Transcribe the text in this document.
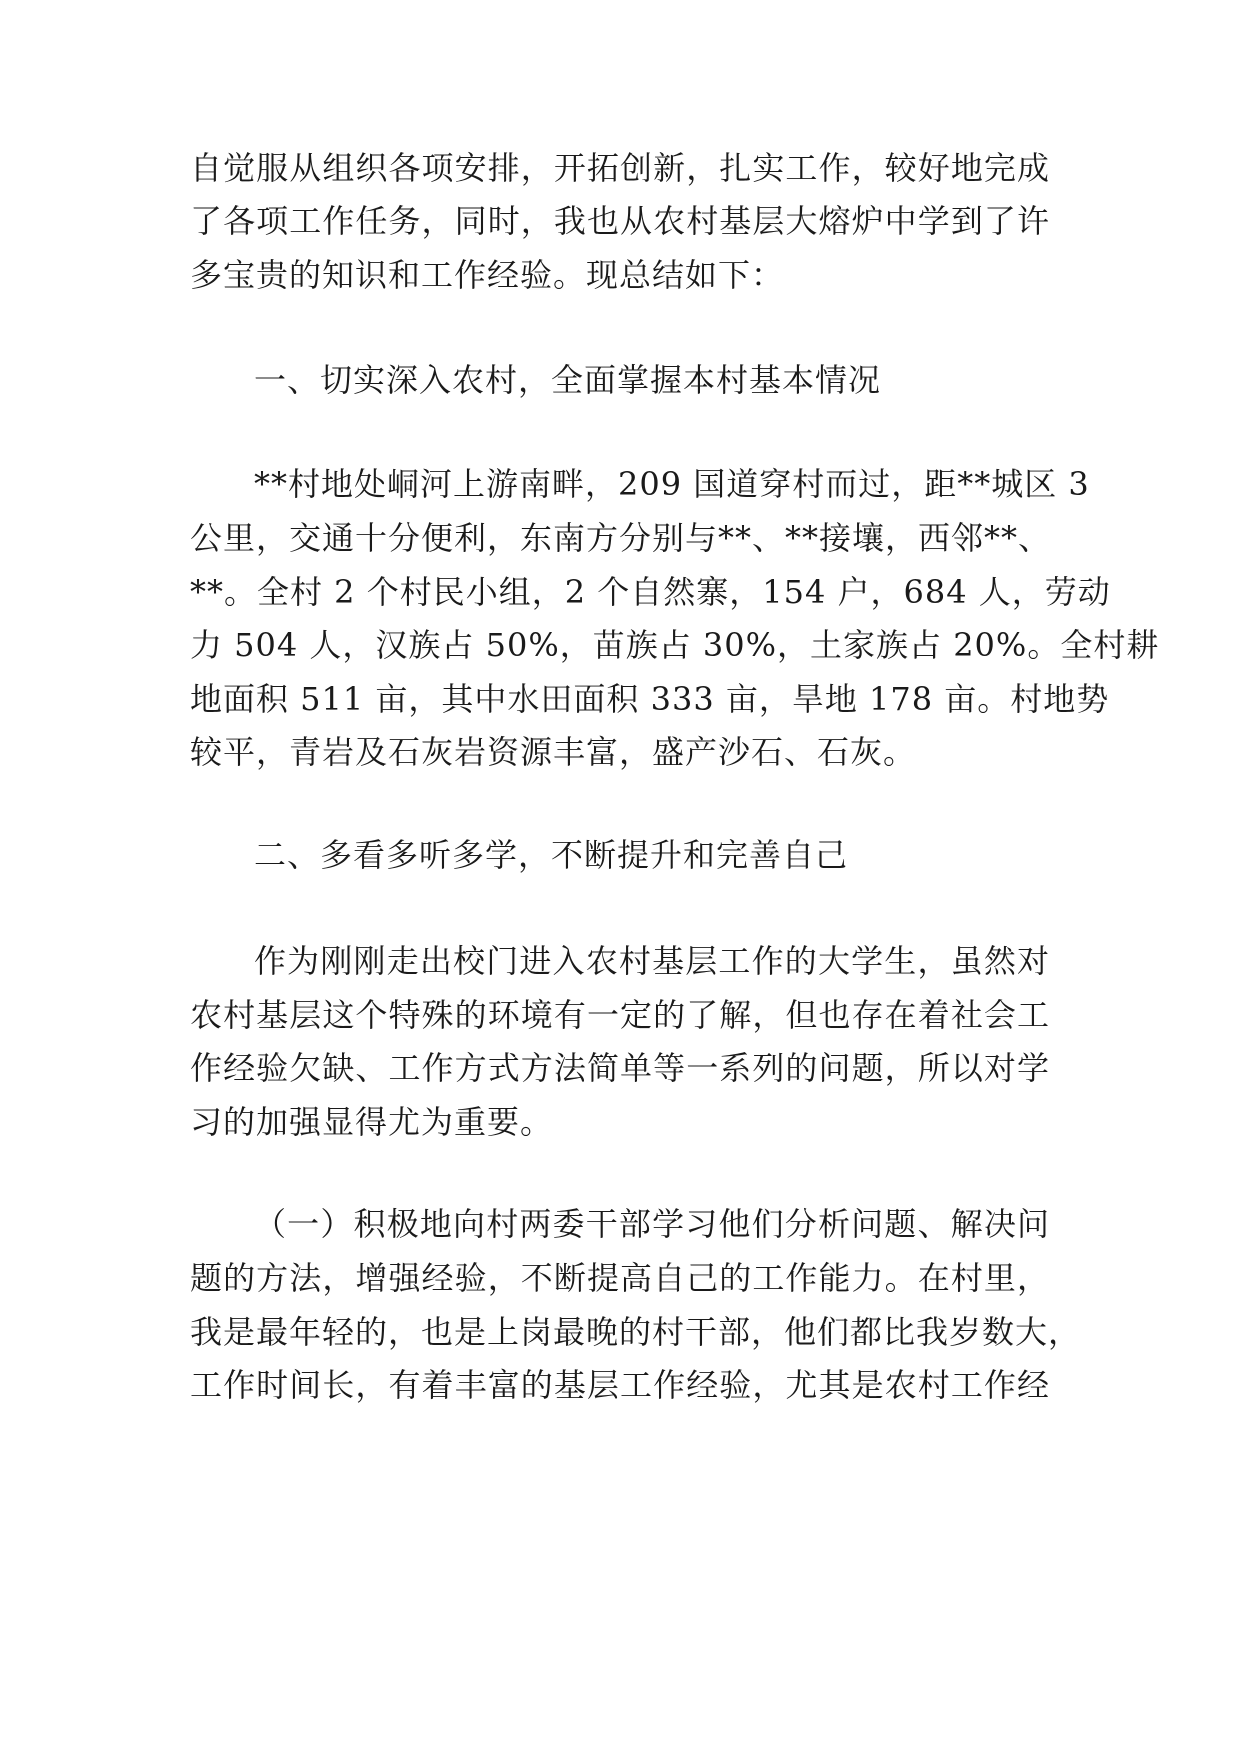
自觉服从组织各项安排，开拓创新，扎实工作，较好地完成
了各项工作任务，同时，我也从农村基层大熔炉中学到了许
多宝贵的知识和工作经验。现总结如下：
一、切实深入农村，全面掌握本村基本情况
**村地处峒河上游南畔，209 国道穿村而过，距**城区 3
公里，交通十分便利，东南方分别与**、**接壤，西邻**、
**。全村 2 个村民小组，2 个自然寨，154 户，684 人，劳动
力 504 人，汉族占 50%，苗族占 30%，土家族占 20%。全村耕
地面积 511 亩，其中水田面积 333 亩，旱地 178 亩。村地势
较平，青岩及石灰岩资源丰富，盛产沙石、石灰。
二、多看多听多学，不断提升和完善自己
作为刚刚走出校门进入农村基层工作的大学生，虽然对
农村基层这个特殊的环境有一定的了解，但也存在着社会工
作经验欠缺、工作方式方法简单等一系列的问题，所以对学
习的加强显得尤为重要。
（一）积极地向村两委干部学习他们分析问题、解决问
题的方法，增强经验，不断提高自己的工作能力。在村里，
我是最年轻的，也是上岗最晚的村干部，他们都比我岁数大，
工作时间长，有着丰富的基层工作经验，尤其是农村工作经
